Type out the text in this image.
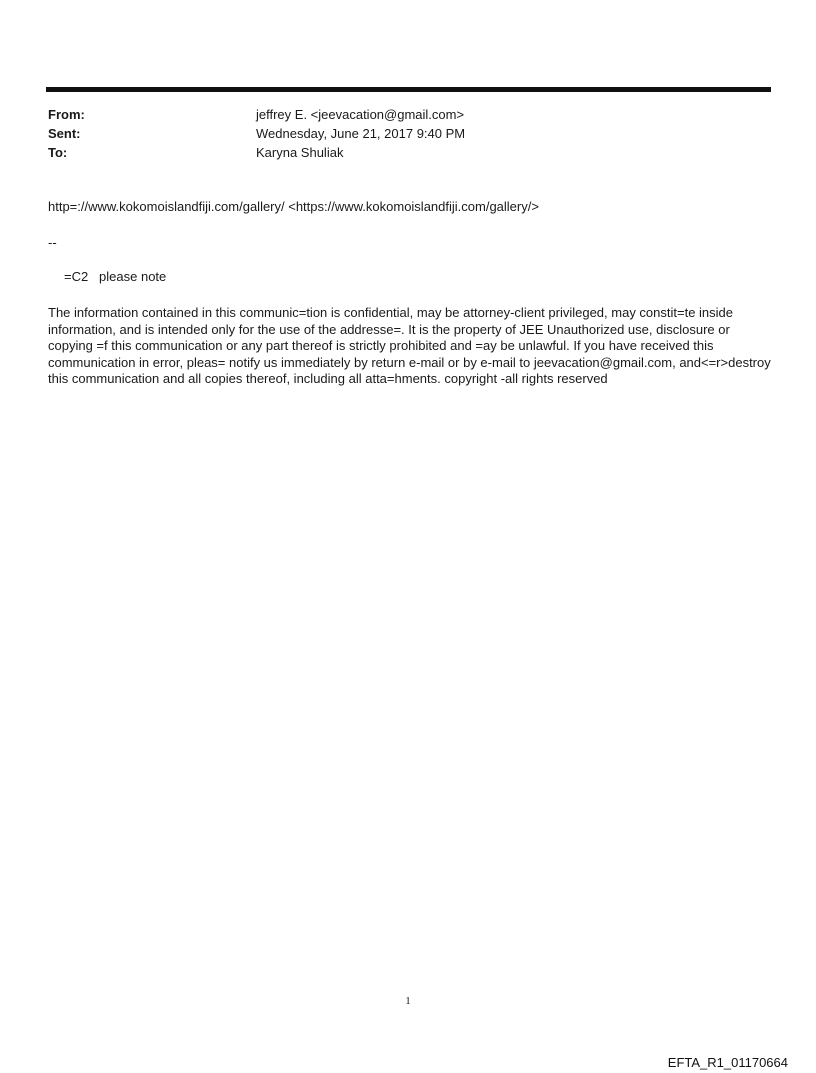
From:	jeffrey E. <jeevacation@gmail.com>
Sent:	Wednesday, June 21, 2017 9:40 PM
To:	Karyna Shuliak
http=://www.kokomoislandfiji.com/gallery/ <https://www.kokomoislandfiji.com/gallery/>
--
=C2   please note
The information contained in this communic=tion is confidential, may be attorney-client privileged, may constit=te inside information, and is intended only for the use of the addresse=. It is the property of JEE Unauthorized use, disclosure or copying =f this communication or any part thereof is strictly prohibited and =ay be unlawful. If you have received this communication in error, pleas= notify us immediately by return e-mail or by e-mail to jeevacation@gmail.com, and<=r>destroy this communication and all copies thereof, including all atta=hments. copyright -all rights reserved
1
EFTA_R1_01170664
